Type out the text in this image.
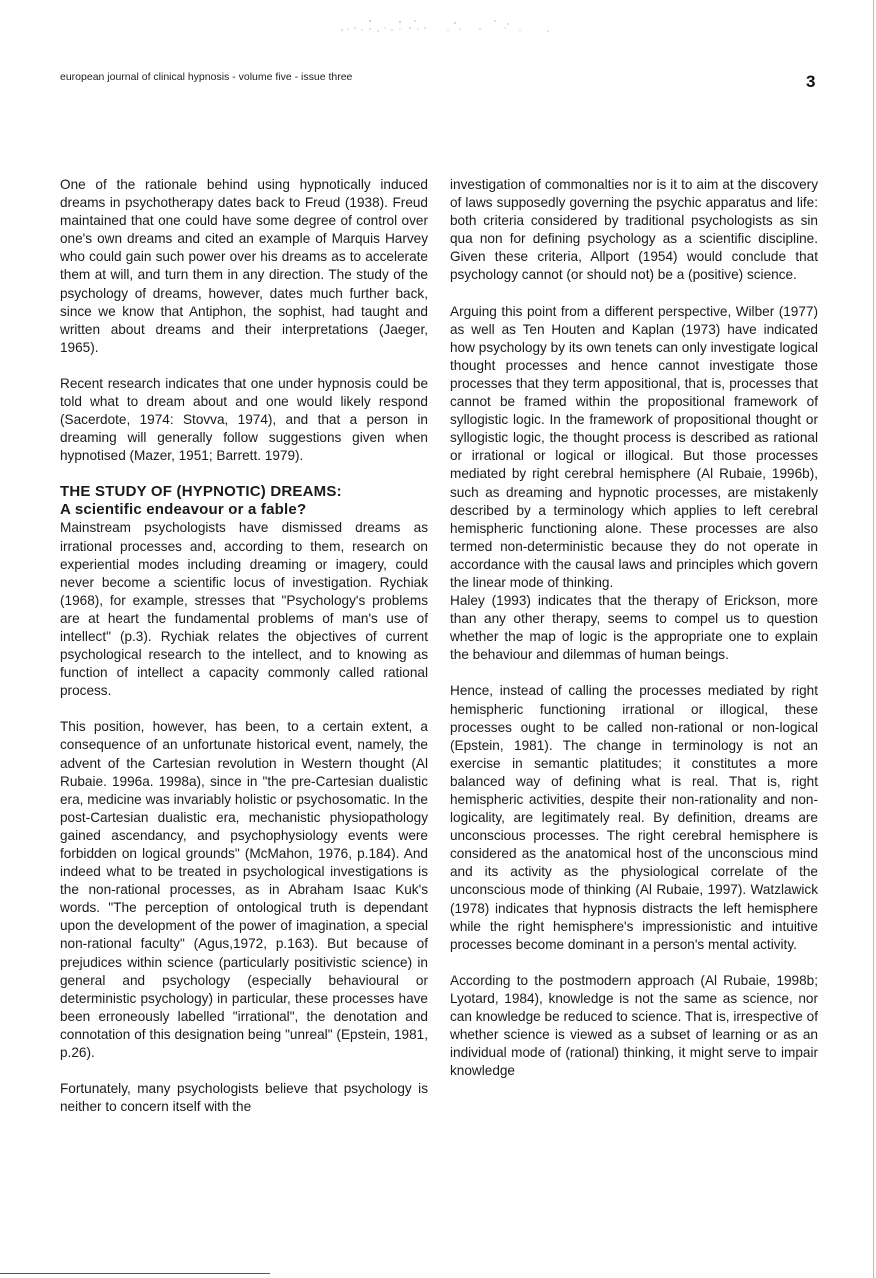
european journal of clinical hypnosis - volume five - issue three	3

One of the rationale behind using hypnotically induced dreams in psychotherapy dates back to Freud (1938). Freud maintained that one could have some degree of control over one's own dreams and cited an example of Marquis Harvey who could gain such power over his dreams as to accelerate them at will, and turn them in any direction. The study of the psychology of dreams, however, dates much further back, since we know that Antiphon, the sophist, had taught and written about dreams and their interpretations (Jaeger, 1965).

Recent research indicates that one under hypnosis could be told what to dream about and one would likely respond (Sacerdote, 1974: Stovva, 1974), and that a person in dreaming will generally follow suggestions given when hypnotised (Mazer, 1951; Barrett. 1979).

THE STUDY OF (HYPNOTIC) DREAMS:
A scientific endeavour or a fable?

Mainstream psychologists have dismissed dreams as irrational processes and, according to them, research on experiential modes including dreaming or imagery, could never become a scientific locus of investigation. Rychiak (1968), for example, stresses that "Psychology's problems are at heart the fundamental problems of man's use of intellect" (p.3). Rychiak relates the objectives of current psychological research to the intellect, and to knowing as function of intellect a capacity commonly called rational process.

This position, however, has been, to a certain extent, a consequence of an unfortunate historical event, namely, the advent of the Cartesian revolution in Western thought (Al Rubaie. 1996a. 1998a), since in "the pre-Cartesian dualistic era, medicine was invariably holistic or psychosomatic. In the post-Cartesian dualistic era, mechanistic physiopathology gained ascendancy, and psychophysiology events were forbidden on logical grounds" (McMahon, 1976, p.184). And indeed what to be treated in psychological investigations is the non-rational processes, as in Abraham Isaac Kuk's words. "The perception of ontological truth is dependant upon the development of the power of imagination, a special non-rational faculty" (Agus,1972, p.163). But because of prejudices within science (particularly positivistic science) in general and psychology (especially behavioural or deterministic psychology) in particular, these processes have been erroneously labelled "irrational", the denotation and connotation of this designation being "unreal" (Epstein, 1981, p.26).

Fortunately, many psychologists believe that psychology is neither to concern itself with the

investigation of commonalties nor is it to aim at the discovery of laws supposedly governing the psychic apparatus and life: both criteria considered by traditional psychologists as sin qua non for defining psychology as a scientific discipline. Given these criteria, Allport (1954) would conclude that psychology cannot (or should not) be a (positive) science.

Arguing this point from a different perspective, Wilber (1977) as well as Ten Houten and Kaplan (1973) have indicated how psychology by its own tenets can only investigate logical thought processes and hence cannot investigate those processes that they term appositional, that is, processes that cannot be framed within the propositional framework of syllogistic logic. In the framework of propositional thought or syllogistic logic, the thought process is described as rational or irrational or logical or illogical. But those processes mediated by right cerebral hemisphere (Al Rubaie, 1996b), such as dreaming and hypnotic processes, are mistakenly described by a terminology which applies to left cerebral hemispheric functioning alone. These processes are also termed non-deterministic because they do not operate in accordance with the causal laws and principles which govern the linear mode of thinking.

Haley (1993) indicates that the therapy of Erickson, more than any other therapy, seems to compel us to question whether the map of logic is the appropriate one to explain the behaviour and dilemmas of human beings.

Hence, instead of calling the processes mediated by right hemispheric functioning irrational or illogical, these processes ought to be called non-rational or non-logical (Epstein, 1981). The change in terminology is not an exercise in semantic platitudes; it constitutes a more balanced way of defining what is real. That is, right hemispheric activities, despite their non-rationality and non-logicality, are legitimately real. By definition, dreams are unconscious processes. The right cerebral hemisphere is considered as the anatomical host of the unconscious mind and its activity as the physiological correlate of the unconscious mode of thinking (Al Rubaie, 1997). Watzlawick (1978) indicates that hypnosis distracts the left hemisphere while the right hemisphere's impressionistic and intuitive processes become dominant in a person's mental activity.

According to the postmodern approach (Al Rubaie, 1998b; Lyotard, 1984), knowledge is not the same as science, nor can knowledge be reduced to science. That is, irrespective of whether science is viewed as a subset of learning or as an individual mode of (rational) thinking, it might serve to impair knowledge
